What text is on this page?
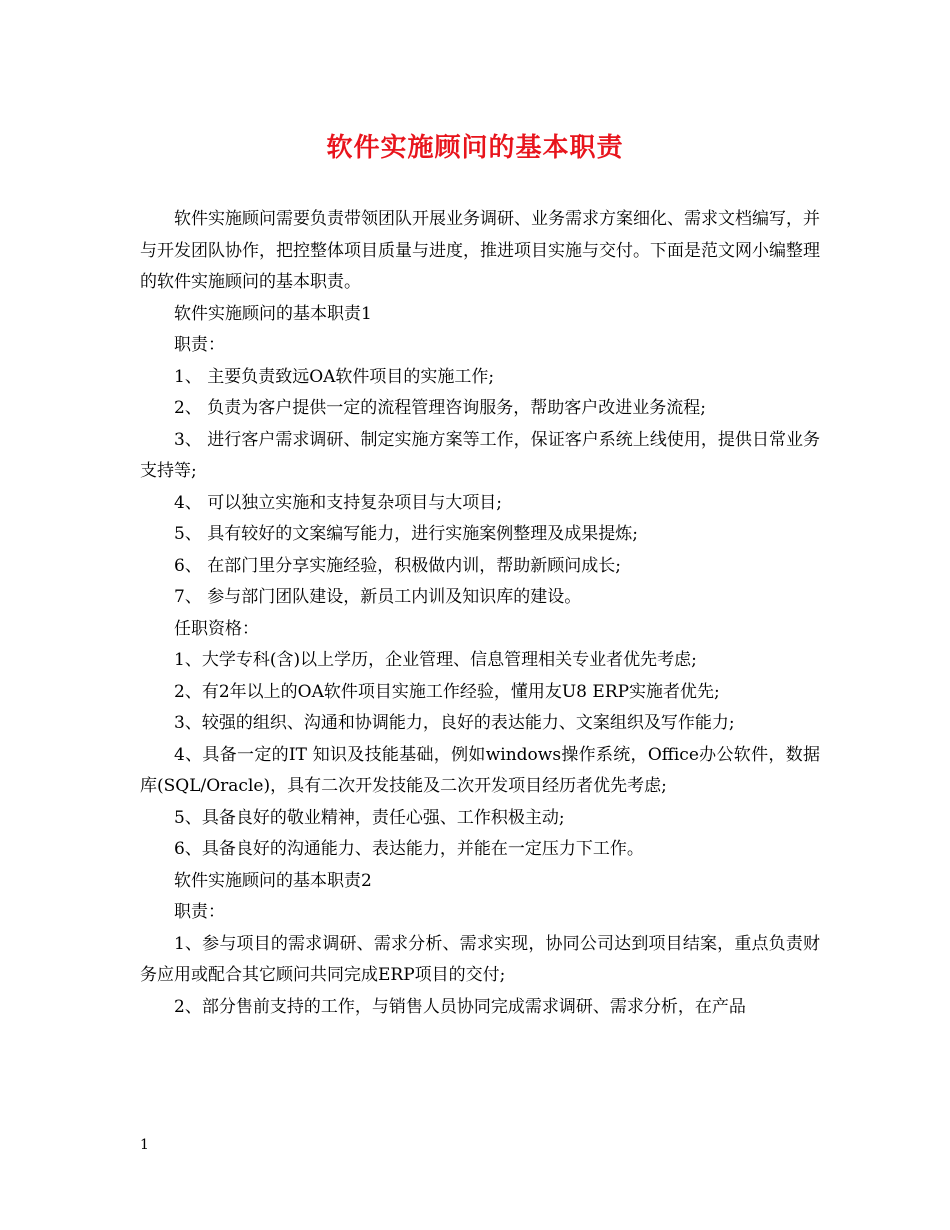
软件实施顾问的基本职责

软件实施顾问需要负责带领团队开展业务调研、业务需求方案细化、需求文档编写，并与开发团队协作，把控整体项目质量与进度，推进项目实施与交付。下面是范文网小编整理的软件实施顾问的基本职责。

软件实施顾问的基本职责1

职责：

1、 主要负责致远OA软件项目的实施工作;

2、 负责为客户提供一定的流程管理咨询服务，帮助客户改进业务流程;

3、 进行客户需求调研、制定实施方案等工作，保证客户系统上线使用，提供日常业务支持等;

4、 可以独立实施和支持复杂项目与大项目;

5、 具有较好的文案编写能力，进行实施案例整理及成果提炼;

6、 在部门里分享实施经验，积极做内训，帮助新顾问成长;

7、 参与部门团队建设，新员工内训及知识库的建设。

任职资格：

1、大学专科(含)以上学历，企业管理、信息管理相关专业者优先考虑;

2、有2年以上的OA软件项目实施工作经验，懂用友U8 ERP实施者优先;

3、较强的组织、沟通和协调能力，良好的表达能力、文案组织及写作能力;

4、具备一定的IT 知识及技能基础，例如windows操作系统，Office办公软件，数据库(SQL/Oracle)，具有二次开发技能及二次开发项目经历者优先考虑;

5、具备良好的敬业精神，责任心强、工作积极主动;

6、具备良好的沟通能力、表达能力，并能在一定压力下工作。

软件实施顾问的基本职责2

职责：

1、参与项目的需求调研、需求分析、需求实现，协同公司达到项目结案，重点负责财务应用或配合其它顾问共同完成ERP项目的交付;

2、部分售前支持的工作，与销售人员协同完成需求调研、需求分析，在产品

1
